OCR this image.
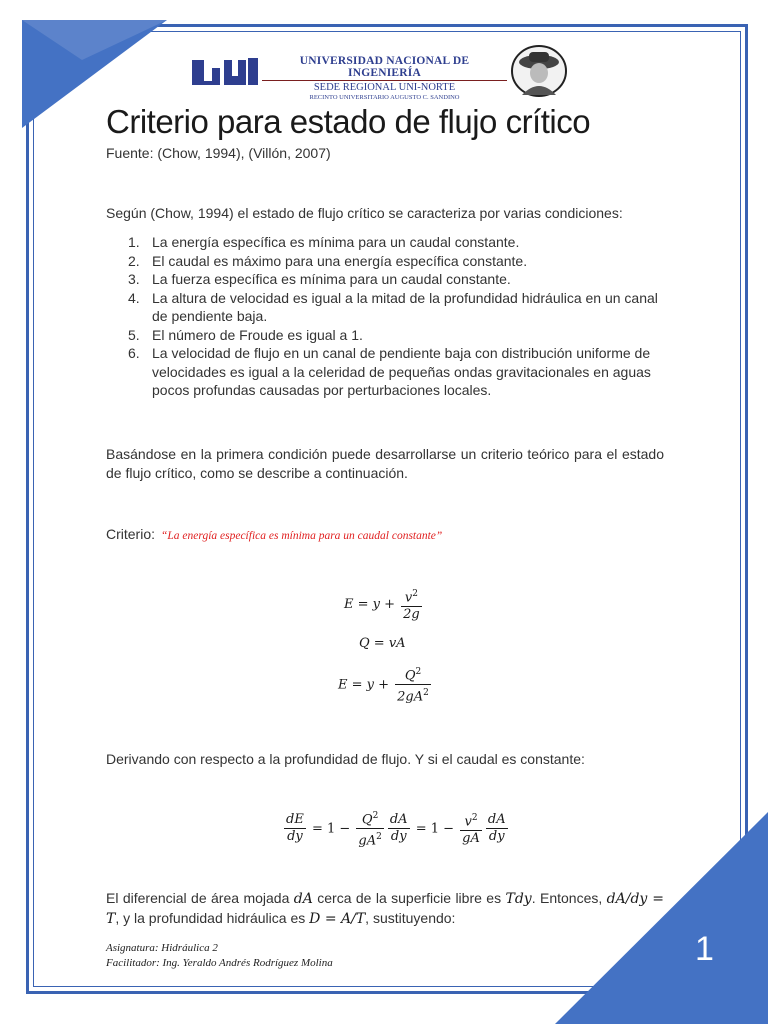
1
UNIVERSIDAD NACIONAL DE INGENIERÍA
SEDE REGIONAL UNI-NORTE
RECINTO UNIVERSITARIO AUGUSTO C. SANDINO
Criterio para estado de flujo crítico
Fuente: (Chow, 1994), (Villón, 2007)
Según (Chow, 1994) el estado de flujo crítico se caracteriza por varias condiciones:
1. La energía específica es mínima para un caudal constante.
2. El caudal es máximo para una energía específica constante.
3. La fuerza específica es mínima para un caudal constante.
4. La altura de velocidad es igual a la mitad de la profundidad hidráulica en un canal de pendiente baja.
5. El número de Froude es igual a 1.
6. La velocidad de flujo en un canal de pendiente baja con distribución uniforme de velocidades es igual a la celeridad de pequeñas ondas gravitacionales en aguas pocos profundas causadas por perturbaciones locales.
Basándose en la primera condición puede desarrollarse un criterio teórico para el estado de flujo crítico, como se describe a continuación.
Criterio: “La energía específica es mínima para un caudal constante”
$E = y + \frac{v^2}{2g}$
Q = vA
$E = y + \frac{Q^2}{2gA^2}$
Derivando con respecto a la profundidad de flujo. Y si el caudal es constante:
$\frac{dE}{dy} = 1 - \frac{Q^2}{gA^2} \frac{dA}{dy} = 1 - \frac{v^2}{gA} \frac{dA}{dy}$
El diferencial de área mojada dA cerca de la superficie libre es Tdy. Entonces, dA/dy = T, y la profundidad hidráulica es D = A/T, sustituyendo:
Asignatura: Hidráulica 2
Facilitador: Ing. Yeraldo Andrés Rodríguez Molina
